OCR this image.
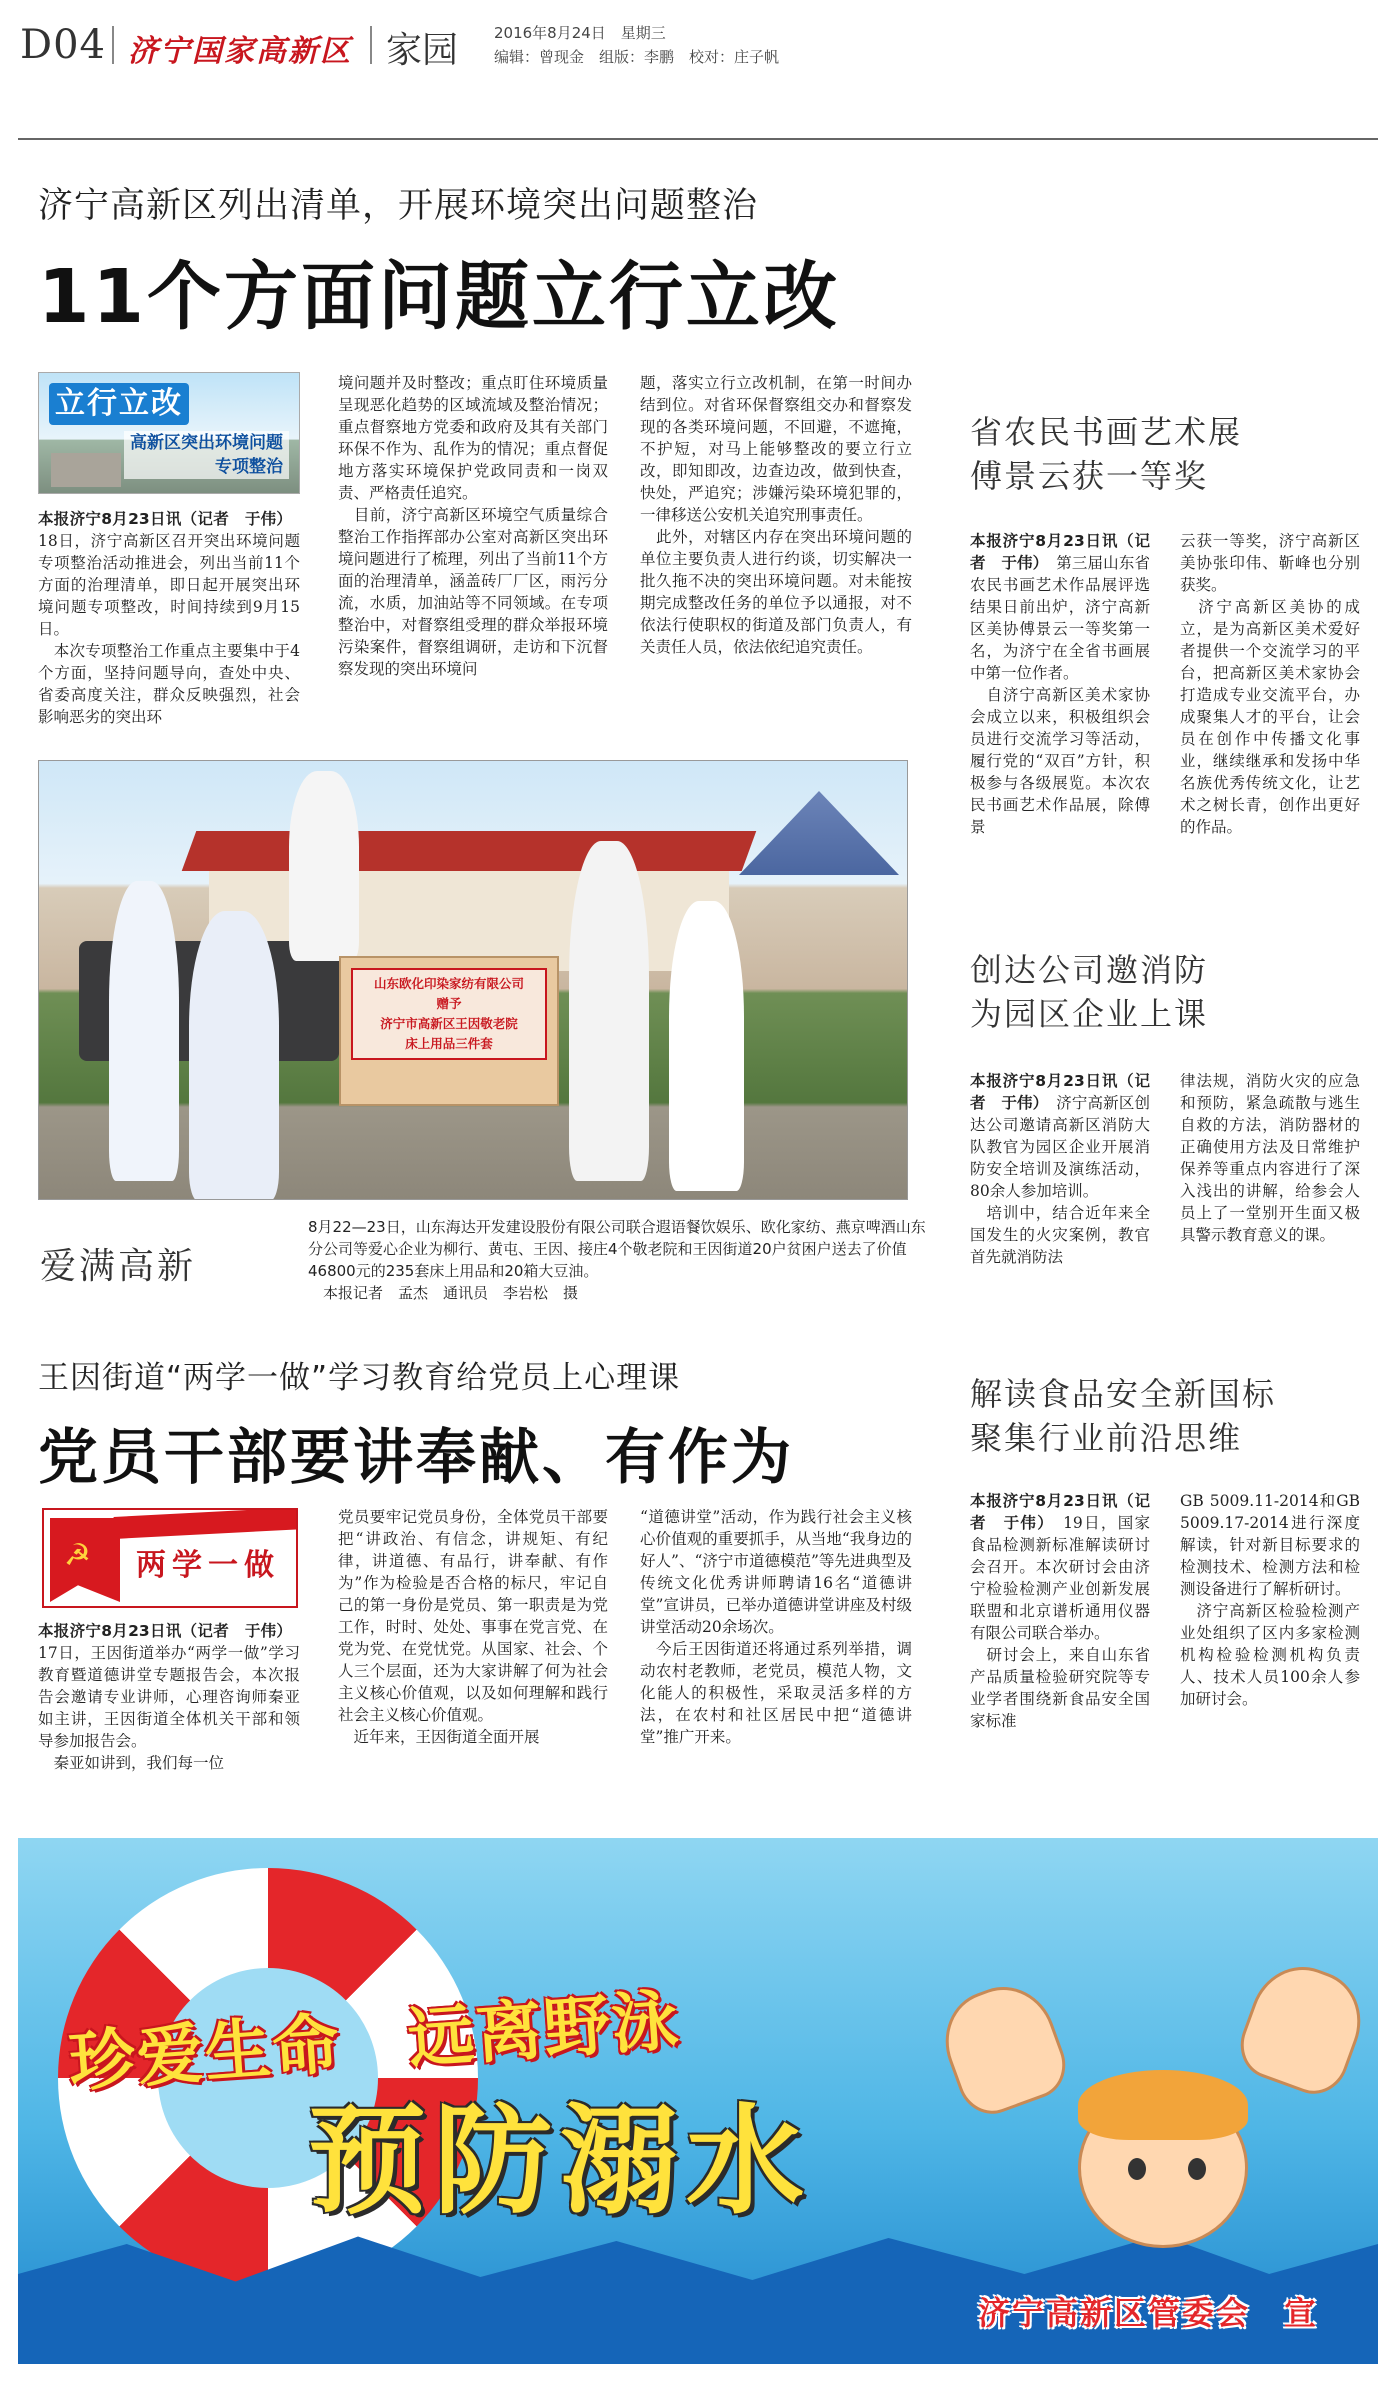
D04 济宁国家高新区 家园 2016年8月24日　星期三
编辑：曾现金　组版：李鹏　校对：庄子帆
济宁高新区列出清单，开展环境突出问题整治
11个方面问题立行立改
立行立改
高新区突出环境问题
专项整治
本报济宁8月23日讯（记者　于伟）　18日，济宁高新区召开突出环境问题专项整治活动推进会，列出当前11个方面的治理清单，即日起开展突出环境问题专项整改，时间持续到9月15日。
　本次专项整治工作重点主要集中于4个方面，坚持问题导向，查处中央、省委高度关注，群众反映强烈，社会影响恶劣的突出环
境问题并及时整改；重点盯住环境质量呈现恶化趋势的区域流域及整治情况；重点督察地方党委和政府及其有关部门环保不作为、乱作为的情况；重点督促地方落实环境保护党政同责和一岗双责、严格责任追究。
　目前，济宁高新区环境空气质量综合整治工作指挥部办公室对高新区突出环境问题进行了梳理，列出了当前11个方面的治理清单，涵盖砖厂厂区，雨污分流，水质，加油站等不同领域。在专项整治中，对督察组受理的群众举报环境污染案件，督察组调研，走访和下沉督察发现的突出环境问
题，落实立行立改机制，在第一时间办结到位。对省环保督察组交办和督察发现的各类环境问题，不回避，不遮掩，不护短，对马上能够整改的要立行立改，即知即改，边查边改，做到快查，快处，严追究；涉嫌污染环境犯罪的，一律移送公安机关追究刑事责任。
　此外，对辖区内存在突出环境问题的单位主要负责人进行约谈，切实解决一批久拖不决的突出环境问题。对未能按期完成整改任务的单位予以通报，对不依法行使职权的街道及部门负责人，有关责任人员，依法依纪追究责任。
省农民书画艺术展
傅景云获一等奖
本报济宁8月23日讯（记者　于伟）　第三届山东省农民书画艺术作品展评选结果日前出炉，济宁高新区美协傅景云一等奖第一名，为济宁在全省书画展中第一位作者。
　自济宁高新区美术家协会成立以来，积极组织会员进行交流学习等活动，履行党的“双百”方针，积极参与各级展览。本次农民书画艺术作品展，除傅景
云获一等奖，济宁高新区美协张印伟、靳峰也分别获奖。
　济宁高新区美协的成立，是为高新区美术爱好者提供一个交流学习的平台，把高新区美术家协会打造成专业交流平台，办成聚集人才的平台，让会员在创作中传播文化事业，继续继承和发扬中华名族优秀传统文化，让艺术之树长青，创作出更好的作品。
山东欧化印染家纺有限公司
赠予
济宁市高新区王因敬老院
床上用品三件套
爱满高新
8月22—23日，山东海达开发建设股份有限公司联合遐语餐饮娱乐、欧化家纺、燕京啤酒山东分公司等爱心企业为柳行、黄屯、王因、接庄4个敬老院和王因街道20户贫困户送去了价值46800元的235套床上用品和20箱大豆油。
　本报记者　孟杰　通讯员　李岩松　摄
创达公司邀消防
为园区企业上课
本报济宁8月23日讯（记者　于伟）　济宁高新区创达公司邀请高新区消防大队教官为园区企业开展消防安全培训及演练活动，80余人参加培训。
　培训中，结合近年来全国发生的火灾案例，教官首先就消防法
律法规，消防火灾的应急和预防，紧急疏散与逃生自救的方法，消防器材的正确使用方法及日常维护保养等重点内容进行了深入浅出的讲解，给参会人员上了一堂别开生面又极具警示教育意义的课。
王因街道“两学一做”学习教育给党员上心理课
党员干部要讲奉献、有作为
☭ 两学一做
本报济宁8月23日讯（记者　于伟）　17日，王因街道举办“两学一做”学习教育暨道德讲堂专题报告会，本次报告会邀请专业讲师，心理咨询师秦亚如主讲，王因街道全体机关干部和领导参加报告会。
　秦亚如讲到，我们每一位
党员要牢记党员身份，全体党员干部要把“讲政治、有信念，讲规矩、有纪律，讲道德、有品行，讲奉献、有作为”作为检验是否合格的标尺，牢记自己的第一身份是党员、第一职责是为党工作，时时、处处、事事在党言党、在党为党、在党忧党。从国家、社会、个人三个层面，还为大家讲解了何为社会主义核心价值观，以及如何理解和践行社会主义核心价值观。
　近年来，王因街道全面开展
“道德讲堂”活动，作为践行社会主义核心价值观的重要抓手，从当地“我身边的好人”、“济宁市道德模范”等先进典型及传统文化优秀讲师聘请16名“道德讲堂”宣讲员，已举办道德讲堂讲座及村级讲堂活动20余场次。
　今后王因街道还将通过系列举措，调动农村老教师，老党员，模范人物，文化能人的积极性，采取灵活多样的方法，在农村和社区居民中把“道德讲堂”推广开来。
解读食品安全新国标
聚集行业前沿思维
本报济宁8月23日讯（记者　于伟）　19日，国家食品检测新标准解读研讨会召开。本次研讨会由济宁检验检测产业创新发展联盟和北京谱析通用仪器有限公司联合举办。
　研讨会上，来自山东省产品质量检验研究院等专业学者围绕新食品安全国家标准
GB 5009.11-2014和GB 5009.17-2014进行深度解读，针对新目标要求的检测技术、检测方法和检测设备进行了解析研讨。
　济宁高新区检验检测产业处组织了区内多家检测机构检验检测机构负责人、技术人员100余人参加研讨会。
珍爱生命　远离野泳
预防溺水
济宁高新区管委会　宣
